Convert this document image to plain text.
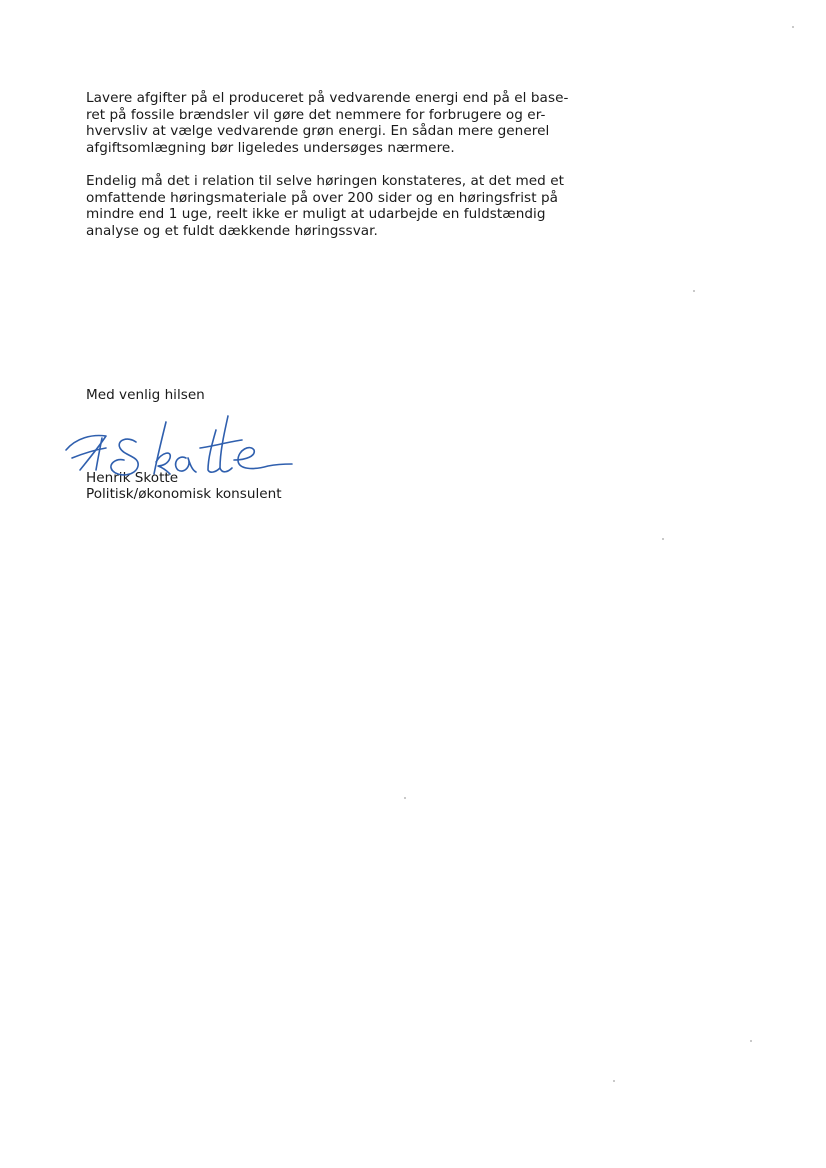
Lavere afgifter på el produceret på vedvarende energi end på el base-
ret på fossile brændsler vil gøre det nemmere for forbrugere og er-
hvervsliv at vælge vedvarende grøn energi. En sådan mere generel
afgiftsomlægning bør ligeledes undersøges nærmere.
Endelig må det i relation til selve høringen konstateres, at det med et
omfattende høringsmateriale på over 200 sider og en høringsfrist på
mindre end 1 uge, reelt ikke er muligt at udarbejde en fuldstændig
analyse og et fuldt dækkende høringssvar.
Med venlig hilsen
Henrik Skotte
Politisk/økonomisk konsulent
